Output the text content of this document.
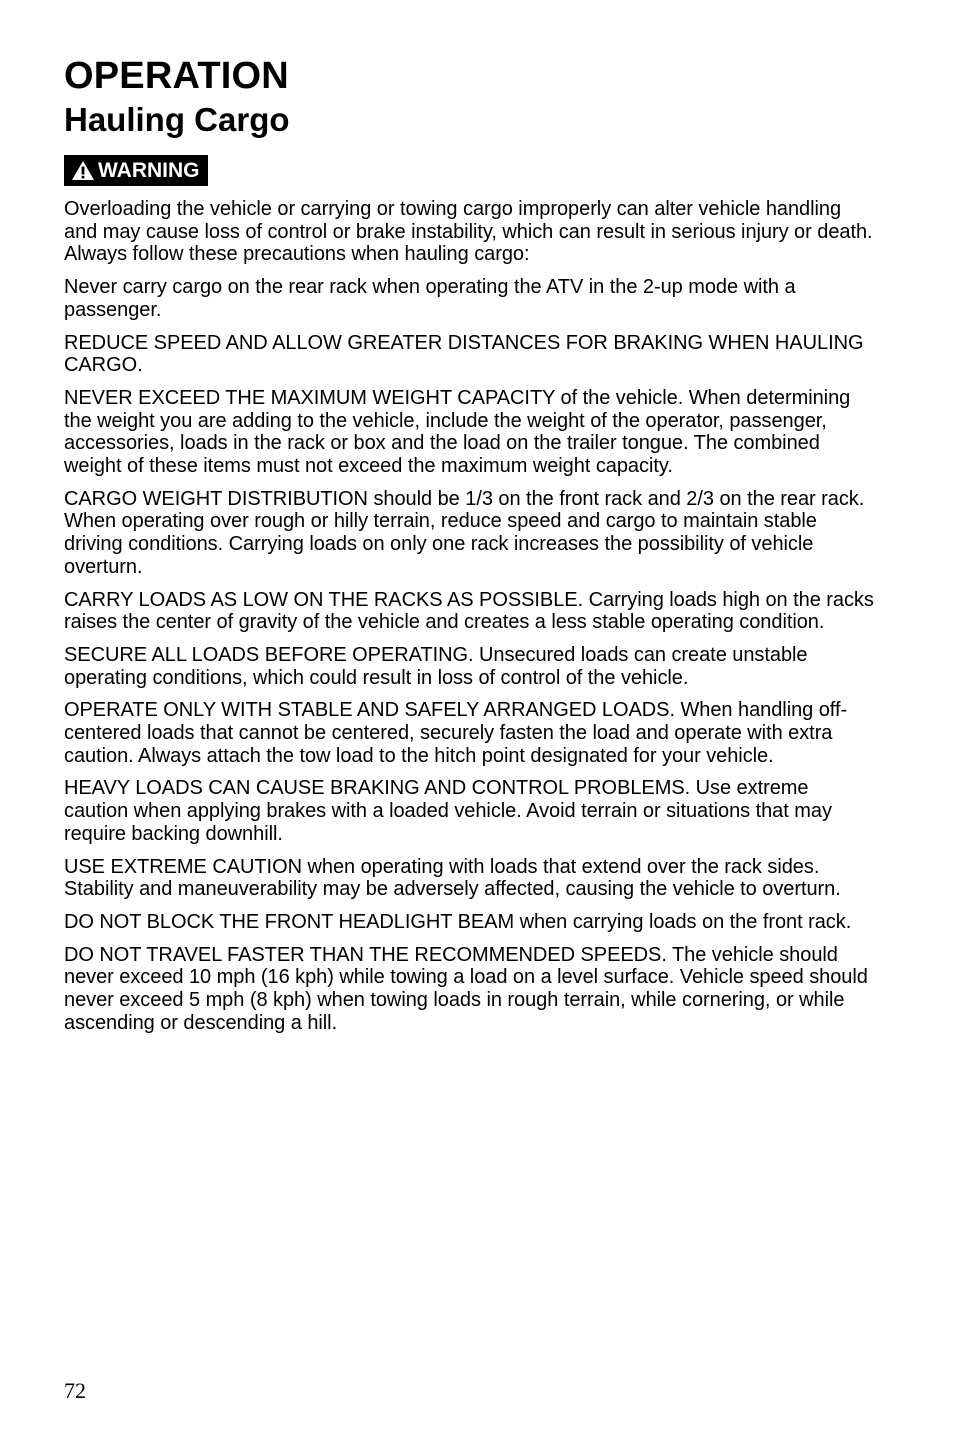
OPERATION
Hauling Cargo
WARNING

Overloading the vehicle or carrying or towing cargo improperly can alter vehicle handling and may cause loss of control or brake instability, which can result in serious injury or death. Always follow these precautions when hauling cargo:

Never carry cargo on the rear rack when operating the ATV in the 2-up mode with a passenger.

REDUCE SPEED AND ALLOW GREATER DISTANCES FOR BRAKING WHEN HAULING CARGO.

NEVER EXCEED THE MAXIMUM WEIGHT CAPACITY of the vehicle. When determining the weight you are adding to the vehicle, include the weight of the operator, passenger, accessories, loads in the rack or box and the load on the trailer tongue. The combined weight of these items must not exceed the maximum weight capacity.

CARGO WEIGHT DISTRIBUTION should be 1/3 on the front rack and 2/3 on the rear rack. When operating over rough or hilly terrain, reduce speed and cargo to maintain stable driving conditions. Carrying loads on only one rack increases the possibility of vehicle overturn.

CARRY LOADS AS LOW ON THE RACKS AS POSSIBLE. Carrying loads high on the racks raises the center of gravity of the vehicle and creates a less stable operating condition.

SECURE ALL LOADS BEFORE OPERATING. Unsecured loads can create unstable operating conditions, which could result in loss of control of the vehicle.

OPERATE ONLY WITH STABLE AND SAFELY ARRANGED LOADS. When handling off-centered loads that cannot be centered, securely fasten the load and operate with extra caution. Always attach the tow load to the hitch point designated for your vehicle.

HEAVY LOADS CAN CAUSE BRAKING AND CONTROL PROBLEMS. Use extreme caution when applying brakes with a loaded vehicle. Avoid terrain or situations that may require backing downhill.

USE EXTREME CAUTION when operating with loads that extend over the rack sides. Stability and maneuverability may be adversely affected, causing the vehicle to overturn.

DO NOT BLOCK THE FRONT HEADLIGHT BEAM when carrying loads on the front rack.

DO NOT TRAVEL FASTER THAN THE RECOMMENDED SPEEDS. The vehicle should never exceed 10 mph (16 kph) while towing a load on a level surface. Vehicle speed should never exceed 5 mph (8 kph) when towing loads in rough terrain, while cornering, or while ascending or descending a hill.

72
